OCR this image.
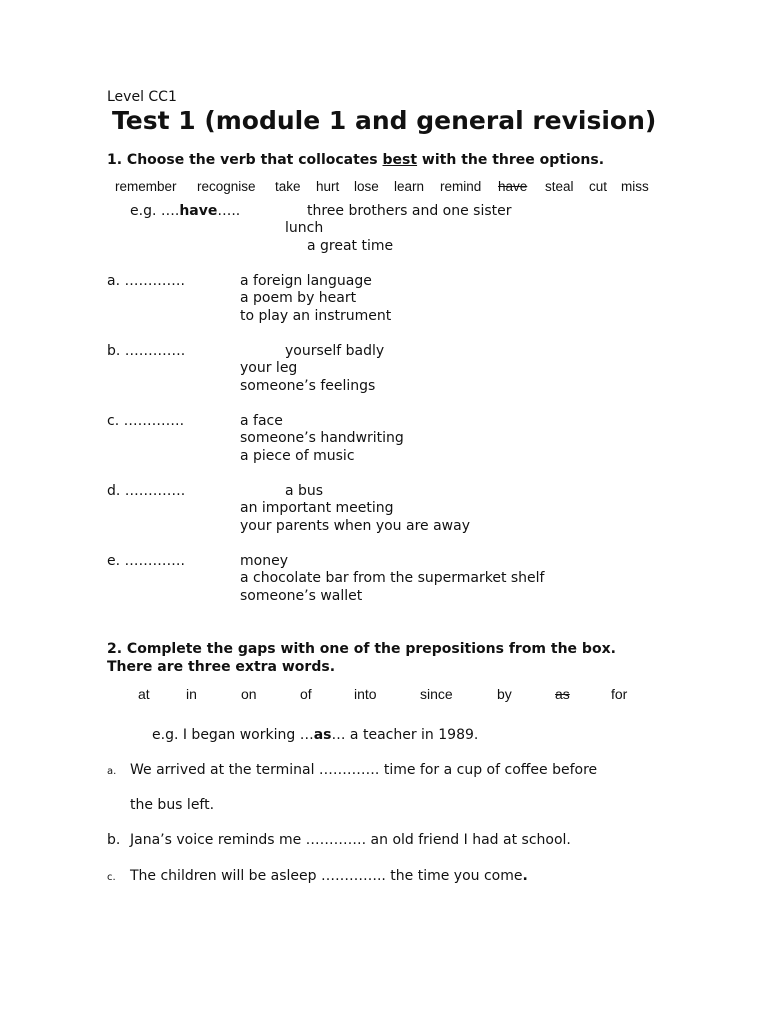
Level CC1
Test 1 (module 1 and general revision)
1. Choose the verb that collocates best with the three options.
remember recognise take hurt lose learn remind have steal cut miss
e.g. ….have…..	three brothers and one sister
lunch
a great time
a. ………….	a foreign language
a poem by heart
to play an instrument
b. ………….	yourself badly
your leg
someone’s feelings
c. ………….	a face
someone’s handwriting
a piece of music
d. ………….	a bus
an important meeting
your parents when you are away
e. ………….	money
a chocolate bar from the supermarket shelf
someone’s wallet
2. Complete the gaps with one of the prepositions from the box.
There are three extra words.
at	in	on	of	into	since	by	as	for
e.g. I began working …as… a teacher in 1989.
a. We arrived at the terminal …………. time for a cup of coffee before
the bus left.
b. Jana’s voice reminds me …………. an old friend I had at school.
c. The children will be asleep ………….. the time you come.
